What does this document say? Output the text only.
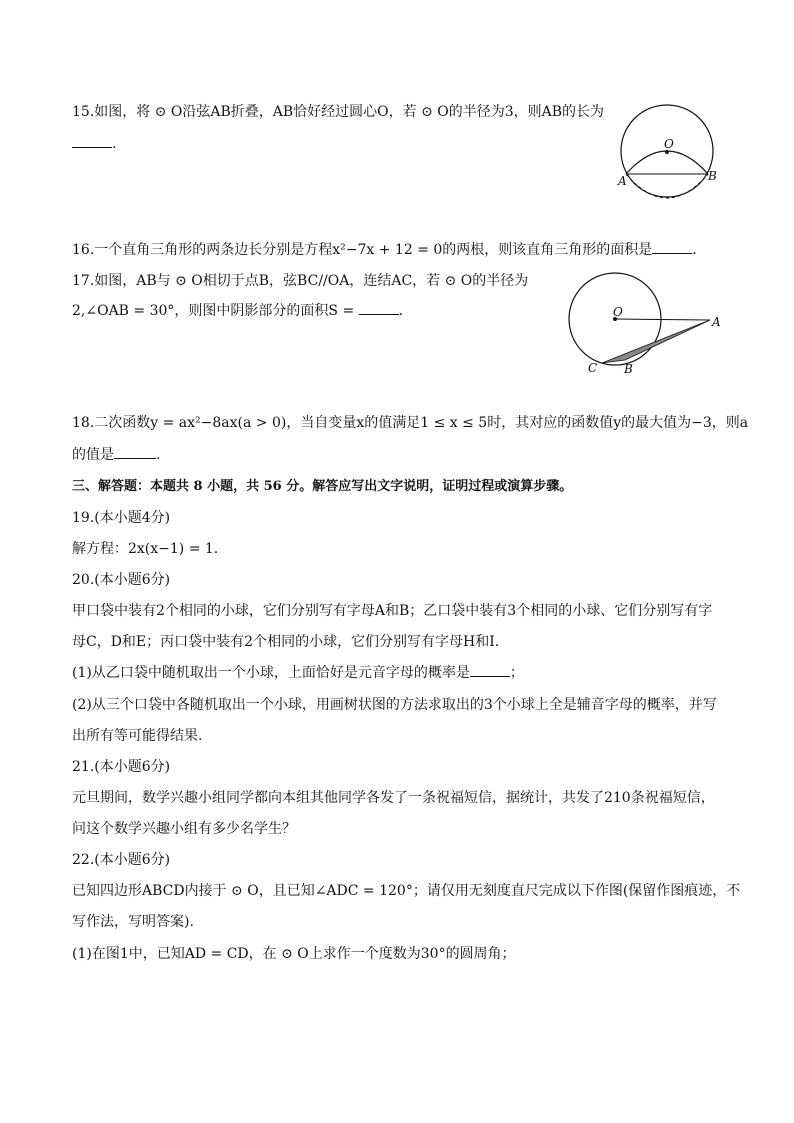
15.如图，将 ⊙ O沿弦AB折叠，AB恰好经过圆心O，若 ⊙ O的半径为3，则AB的长为
.	O
A	B
16.一个直角三角形的两条边长分别是方程x²−7x + 12 = 0的两根，则该直角三角形的面积是	.
17.如图，AB与 ⊙ O相切于点B，弦BC//OA，连结AC，若 ⊙ O的半径为
2,∠OAB = 30°，则图中阴影部分的面积S =	.	O
A
B
C
18.二次函数y = ax²−8ax(a > 0)，当自变量x的值满足1 ≤ x ≤ 5时，其对应的函数值y的最大值为−3，则a
的值是	.
三、解答题：本题共 8 小题，共 56 分。解答应写出文字说明，证明过程或演算步骤。
19.(本小题4分)
解方程：2x(x−1) = 1.
20.(本小题6分)
甲口袋中装有2个相同的小球，它们分别写有字母A和B；乙口袋中装有3个相同的小球、它们分别写有字
母C，D和E；丙口袋中装有2个相同的小球，它们分别写有字母H和I.
(1)从乙口袋中随机取出一个小球，上面恰好是元音字母的概率是	；
(2)从三个口袋中各随机取出一个小球，用画树状图的方法求取出的3个小球上全是辅音字母的概率，并写
出所有等可能得结果.
21.(本小题6分)
元旦期间，数学兴趣小组同学都向本组其他同学各发了一条祝福短信，据统计，共发了210条祝福短信，
问这个数学兴趣小组有多少名学生？
22.(本小题6分)
已知四边形ABCD内接于 ⊙ O，且已知∠ADC = 120°；请仅用无刻度直尺完成以下作图(保留作图痕迹，不
写作法，写明答案).
(1)在图1中，已知AD = CD，在 ⊙ O上求作一个度数为30°的圆周角；
